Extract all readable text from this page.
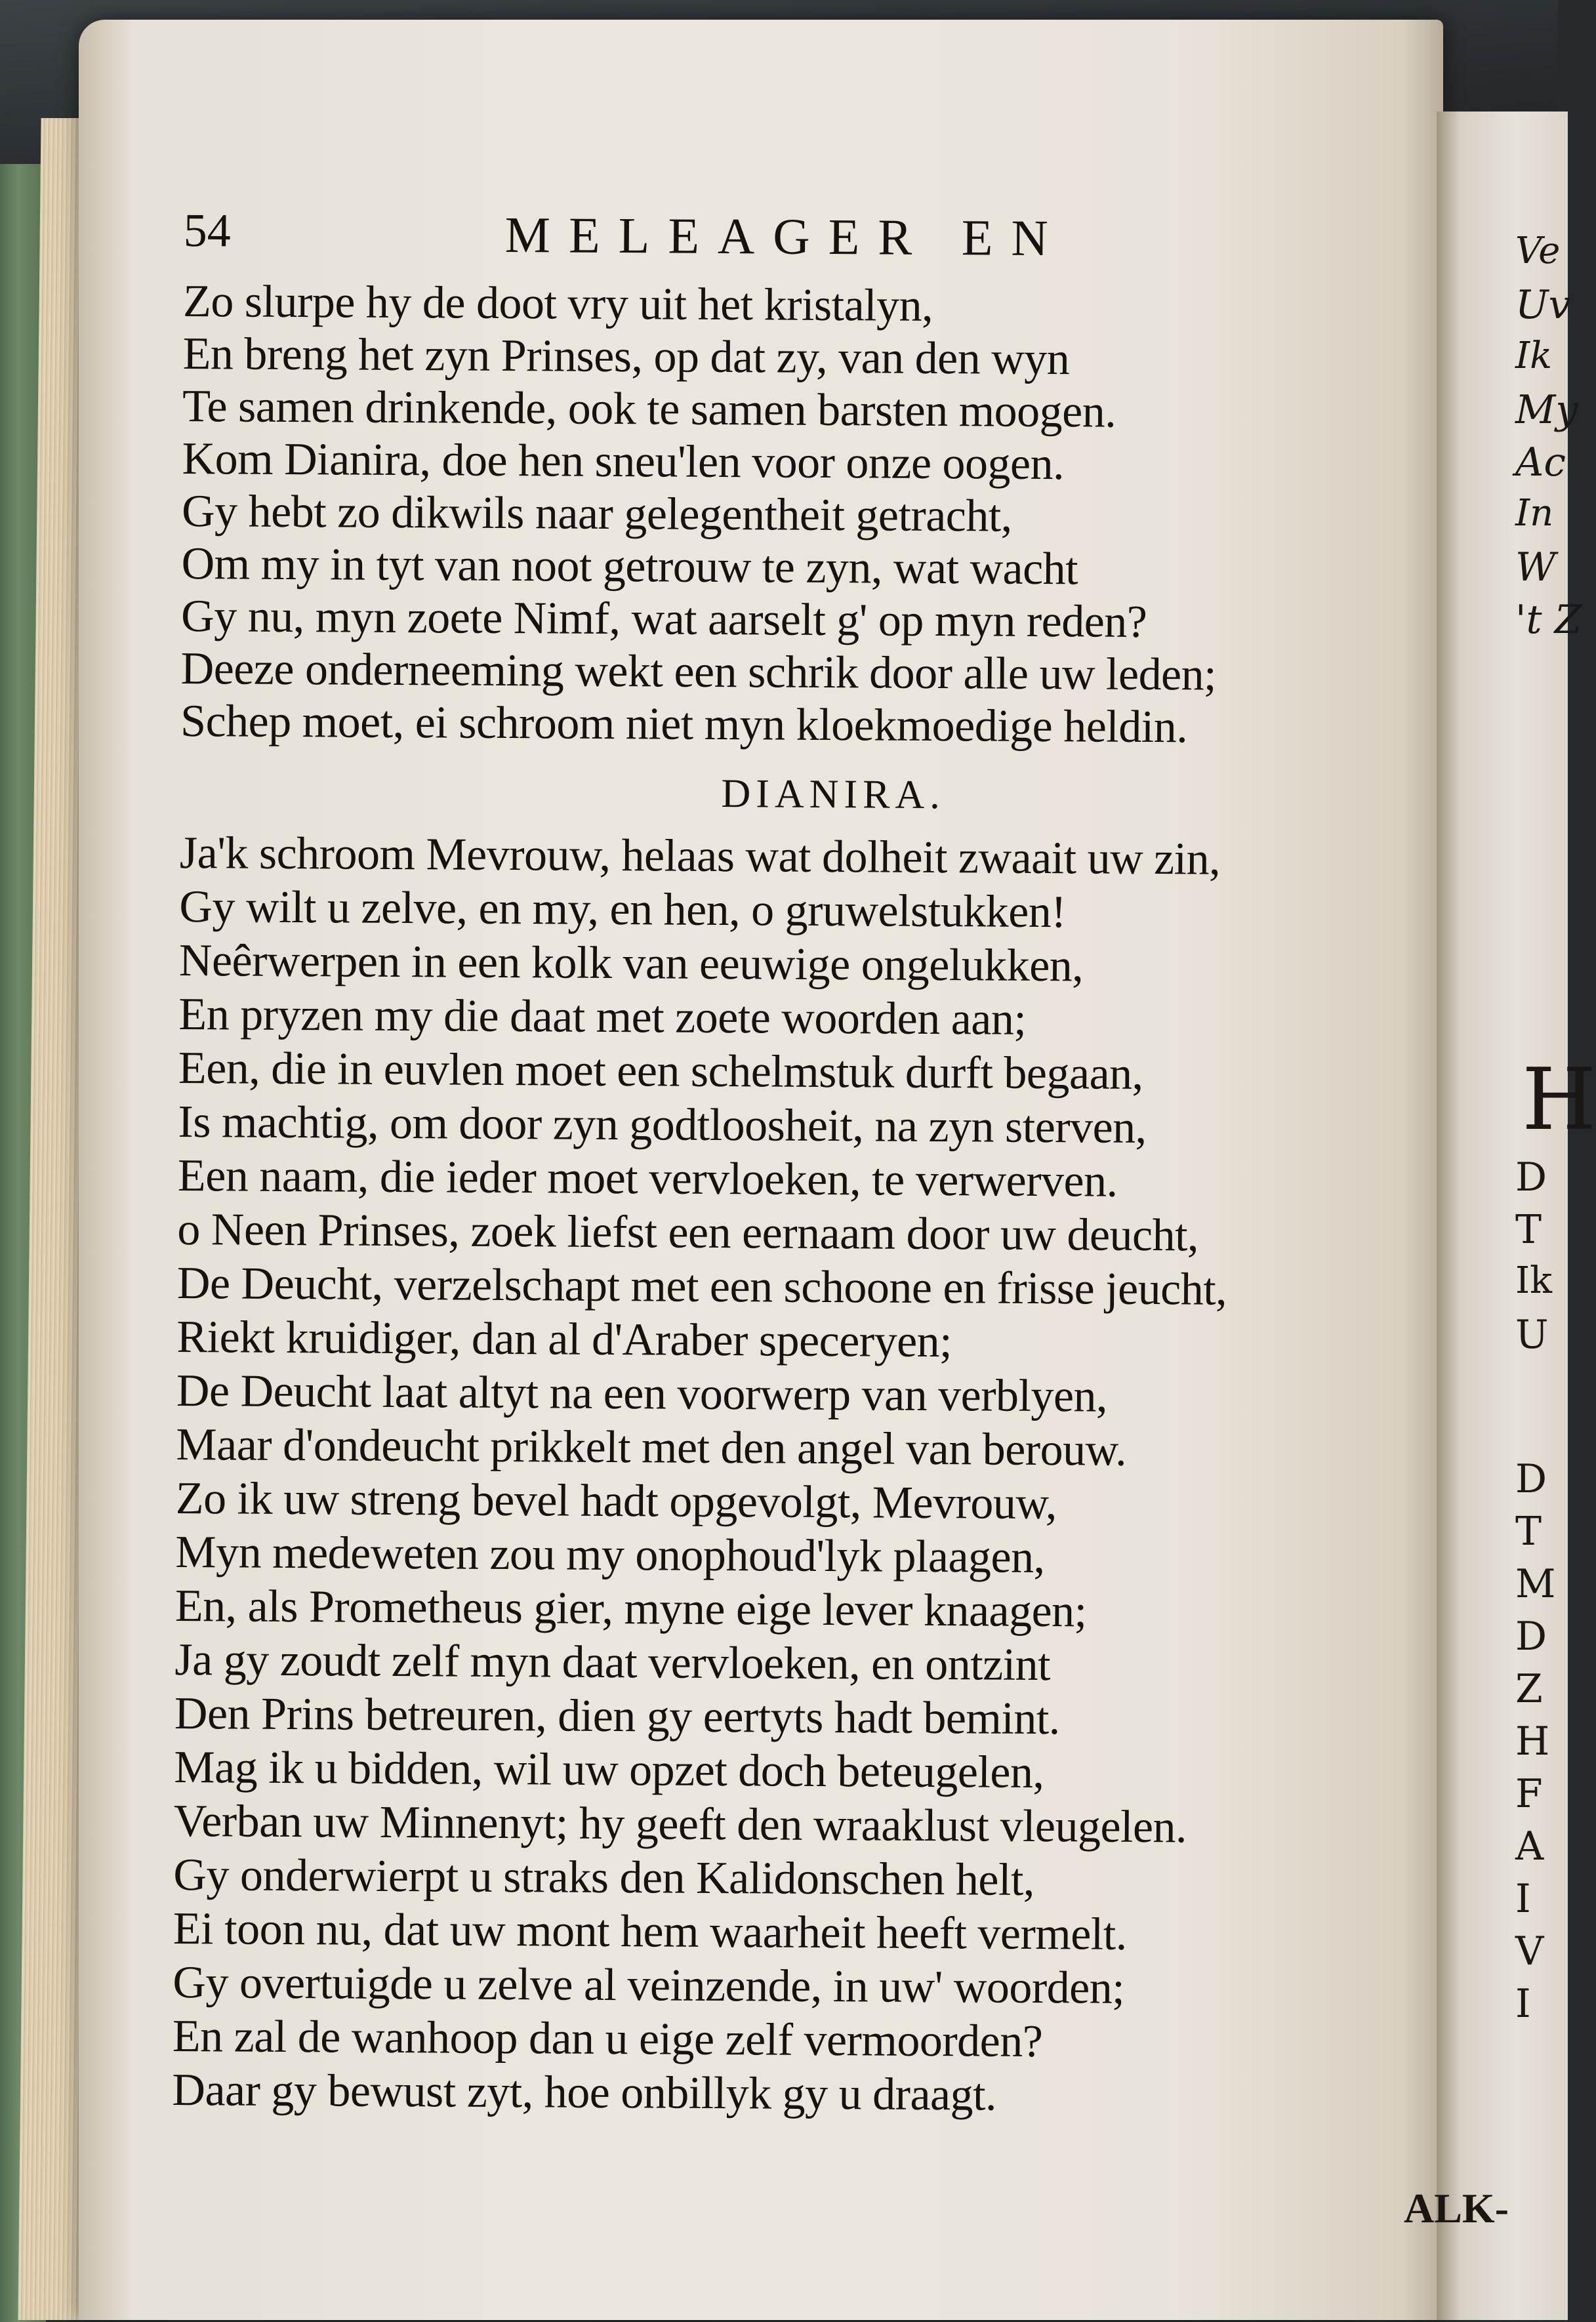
Ve
Uv
Ik
My
Ac
In
W
't Z
H
D
T
Ik
U
D
T
M
D
Z
H
F
A
I
V
I
54	MELEAGER EN
Zo slurpe hy de doot vry uit het kristalyn,
En breng het zyn Prinses, op dat zy, van den wyn
Te samen drinkende, ook te samen barsten moogen.
Kom Dianira, doe hen sneu'len voor onze oogen.
Gy hebt zo dikwils naar gelegentheit getracht,
Om my in tyt van noot getrouw te zyn, wat wacht
Gy nu, myn zoete Nimf, wat aarselt g' op myn reden?
Deeze onderneeming wekt een schrik door alle uw leden;
Schep moet, ei schroom niet myn kloekmoedige heldin.
DIANIRA.
Ja'k schroom Mevrouw, helaas wat dolheit zwaait uw zin,
Gy wilt u zelve, en my, en hen, o gruwelstukken!
Neêrwerpen in een kolk van eeuwige ongelukken,
En pryzen my die daat met zoete woorden aan;
Een, die in euvlen moet een schelmstuk durft begaan,
Is machtig, om door zyn godtloosheit, na zyn sterven,
Een naam, die ieder moet vervloeken, te verwerven.
o Neen Prinses, zoek liefst een eernaam door uw deucht,
De Deucht, verzelschapt met een schoone en frisse jeucht,
Riekt kruidiger, dan al d'Araber speceryen;
De Deucht laat altyt na een voorwerp van verblyen,
Maar d'ondeucht prikkelt met den angel van berouw.
Zo ik uw streng bevel hadt opgevolgt, Mevrouw,
Myn medeweten zou my onophoud'lyk plaagen,
En, als Prometheus gier, myne eige lever knaagen;
Ja gy zoudt zelf myn daat vervloeken, en ontzint
Den Prins betreuren, dien gy eertyts hadt bemint.
Mag ik u bidden, wil uw opzet doch beteugelen,
Verban uw Minnenyt; hy geeft den wraaklust vleugelen.
Gy onderwierpt u straks den Kalidonschen helt,
Ei toon nu, dat uw mont hem waarheit heeft vermelt.
Gy overtuigde u zelve al veinzende, in uw' woorden;
En zal de wanhoop dan u eige zelf vermoorden?
Daar gy bewust zyt, hoe onbillyk gy u draagt.
ALK-
